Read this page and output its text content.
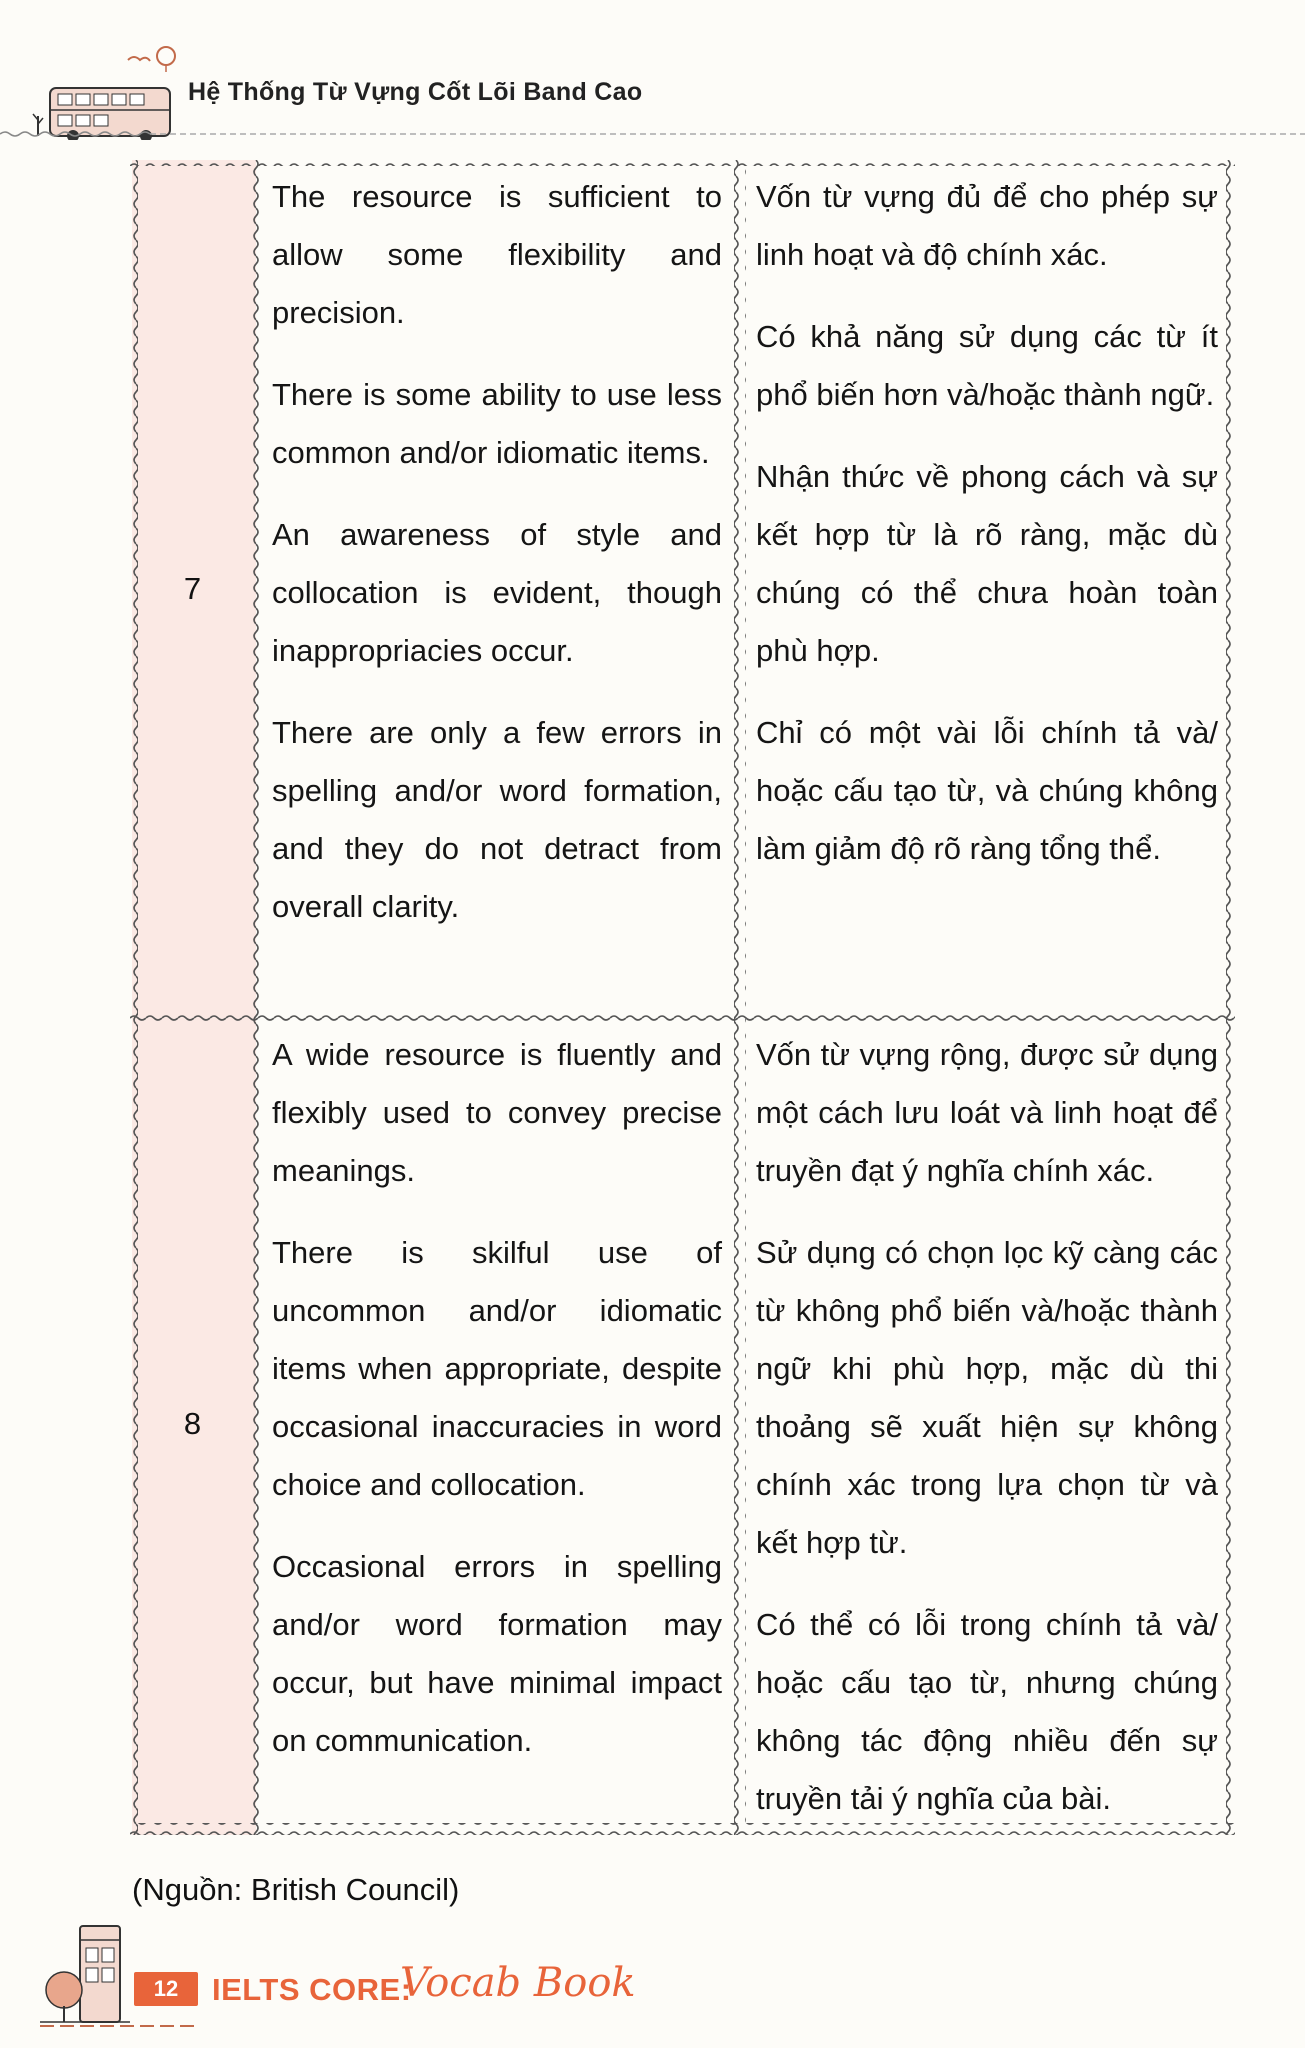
Hệ Thống Từ Vựng Cốt Lõi Band Cao
7

The resource is sufficient to allow some flexibility and precision.

There is some ability to use less common and/or idiomatic items.

An awareness of style and collocation is evident, though inappropriacies occur.

There are only a few errors in spelling and/or word formation, and they do not detract from overall clarity.

Vốn từ vựng đủ để cho phép sự linh hoạt và độ chính xác.

Có khả năng sử dụng các từ ít phổ biến hơn và/hoặc thành ngữ.

Nhận thức về phong cách và sự kết hợp từ là rõ ràng, mặc dù chúng có thể chưa hoàn toàn phù hợp.

Chỉ có một vài lỗi chính tả và/ hoặc cấu tạo từ, và chúng không làm giảm độ rõ ràng tổng thể.

8

A wide resource is fluently and flexibly used to convey precise meanings.

There is skilful use of uncommon and/or idiomatic items when appropriate, despite occasional inaccuracies in word choice and collocation.

Occasional errors in spelling and/or word formation may occur, but have minimal impact on communication.

Vốn từ vựng rộng, được sử dụng một cách lưu loát và linh hoạt để truyền đạt ý nghĩa chính xác.

Sử dụng có chọn lọc kỹ càng các từ không phổ biến và/hoặc thành ngữ khi phù hợp, mặc dù thi thoảng sẽ xuất hiện sự không chính xác trong lựa chọn từ và kết hợp từ.

Có thể có lỗi trong chính tả và/ hoặc cấu tạo từ, nhưng chúng không tác động nhiều đến sự truyền tải ý nghĩa của bài.

(Nguồn: British Council)
12	IELTS CORE:
Vocab Book
